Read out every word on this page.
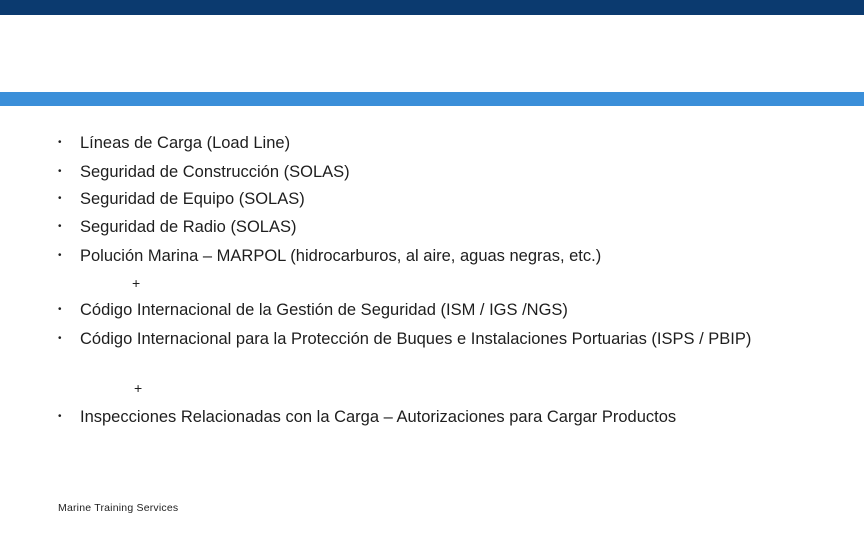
• Líneas de Carga (Load Line)
• Seguridad de Construcción (SOLAS)
• Seguridad de Equipo (SOLAS)
• Seguridad de Radio (SOLAS)
• Polución Marina – MARPOL (hidrocarburos, al aire, aguas negras, etc.)
+
• Código Internacional de la Gestión de Seguridad (ISM / IGS /NGS)
• Código Internacional para la Protección de Buques e Instalaciones Portuarias (ISPS / PBIP)
+
• Inspecciones Relacionadas con la Carga – Autorizaciones para Cargar Productos
Marine Training Services
